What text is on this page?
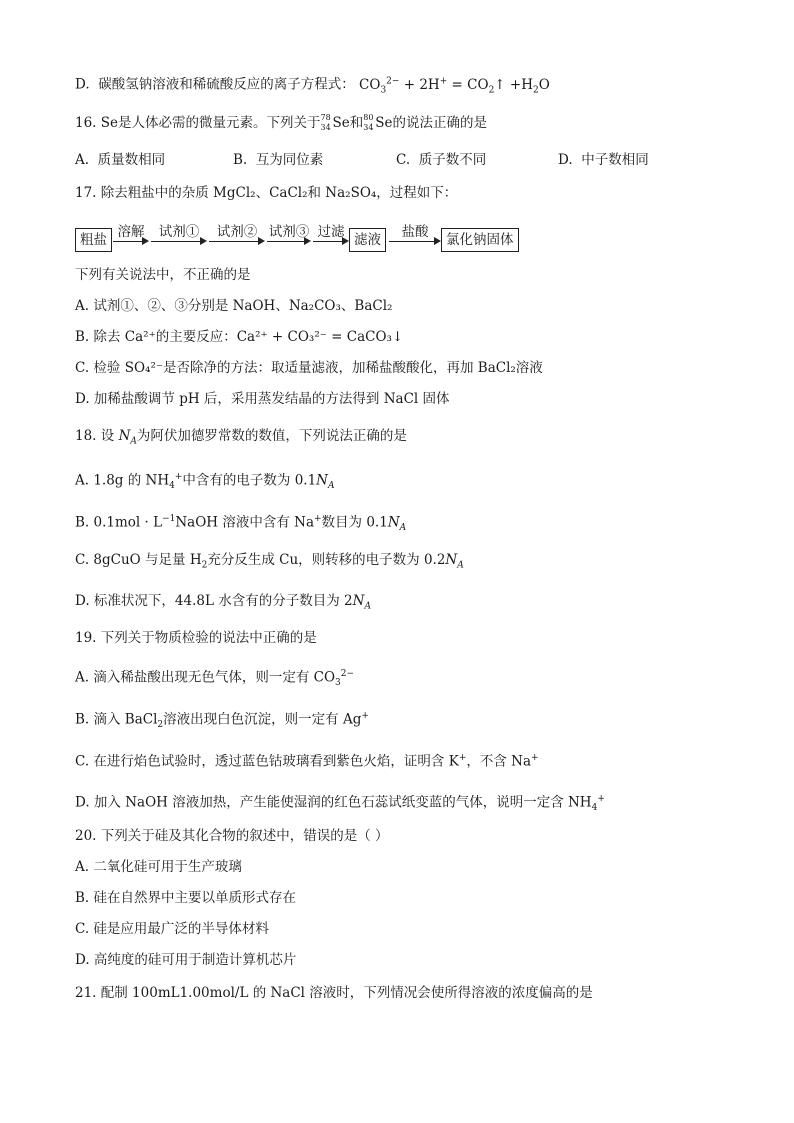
D. 碳酸氢钠溶液和稀硫酸反应的离子方程式： $CO_3^{2-} + 2H^+$ = $CO_2↑ +H_2O$
16. Se是人体必需的微量元素。下列关于 78
34 Se和 80
34 Se的说法正确的是
A. 质量数相同	B. 互为同位素	C. 质子数不同	D. 中子数相同
17. 除去粗盐中的杂质 MgCl₂、CaCl₂和 Na₂SO₄，过程如下：
粗盐 溶解	试剂①	试剂② 试剂③ 过滤 滤液	盐酸	氯化钠固体
下列有关说法中，不正确的是
A. 试剂①、②、③分别是 NaOH、Na₂CO₃、BaCl₂
B. 除去 Ca²⁺的主要反应：Ca²⁺ + CO₃²⁻ = CaCO₃↓
C. 检验 SO₄²⁻是否除净的方法：取适量滤液，加稀盐酸酸化，再加 BaCl₂溶液
D. 加稀盐酸调节 pH 后，采用蒸发结晶的方法得到 NaCl 固体
18. 设 $N_A$为阿伏加德罗常数的数值，下列说法正确的是
A. 1.8g 的 $NH_4^+$中含有的电子数为 $0.1N_A$
B. $0.1mol \cdot L^{-1}NaOH$ 溶液中含有 Na+数目为 $0.1N_A$
C. 8gCuO 与足量 $H_2$充分反生成 Cu，则转移的电子数为 $0.2N_A$
D. 标准状况下，44.8L 水含有的分子数目为 $2N_A$
19. 下列关于物质检验的说法中正确的是
A. 滴入稀盐酸出现无色气体，则一定有 $CO_3^{2-}$
B. 滴入 BaCl$_2$溶液出现白色沉淀，则一定有 Ag+
C. 在进行焰色试验时，透过蓝色钴玻璃看到紫色火焰，证明含 K+，不含 Na+
D. 加入 NaOH 溶液加热，产生能使湿润的红色石蕊试纸变蓝的气体，说明一定含 $NH_4^+$
20. 下列关于硅及其化合物的叙述中，错误的是（ ）
A. 二氧化硅可用于生产玻璃
B. 硅在自然界中主要以单质形式存在
C. 硅是应用最广泛的半导体材料
D. 高纯度的硅可用于制造计算机芯片
21. 配制 100mL1.00mol/L 的 NaCl 溶液时，下列情况会使所得溶液的浓度偏高的是
